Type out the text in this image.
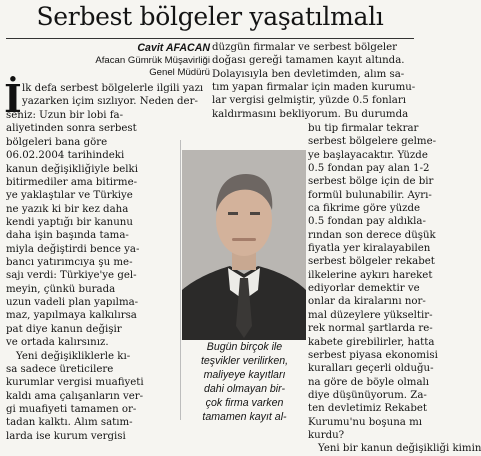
Serbest bölgeler yaşatılmalı
Cavit AFACAN
Afacan Gümrük Müşavirliği
Genel Müdürü
İ lk defa serbest bölgelerle ilgili yazı
yazarken içim sızlıyor. Neden der-
seniz: Uzun bir lobi fa-
aliyetinden sonra serbest
bölgeleri bana göre
06.02.2004 tarihindeki
kanun değişikliğiyle belki
bitirmediler ama bitirme-
ye yaklaştılar ve Türkiye
ne yazık ki bir kez daha
kendi yaptığı bir kanunu
daha işin başında tama-
miyla değiştirdi bence ya-
bancı yatırımcıya şu me-
sajı verdi: Türkiye'ye gel-
meyin, çünkü burada
uzun vadeli plan yapılma-
maz, yapılmaya kalkılırsa
pat diye kanun değişir
ve ortada kalırsınız.
Yeni değişikliklerle kı-
sa sadece üreticilere
kurumlar vergisi muafiyeti
kaldı ama çalışanların ver-
gi muafiyeti tamamen or-
tadan kalktı. Alım satım-
larda ise kurum vergisi
Bugün birçok ile
teşvikler verilirken,
maliyeye kayıtları
dahi olmayan bir-
çok firma varken
tamamen kayıt al-
düzgün firmalar ve serbest bölgeler
doğası gereği tamamen kayıt altında.
Dolayısıyla ben devletimden, alım sa-
tım yapan firmalar için maden kurumu-
lar vergisi gelmiştir, yüzde 0.5 fonları
kaldırmasını bekliyorum. Bu durumda
bu tip firmalar tekrar
serbest bölgelere gelme-
ye başlayacaktır. Yüzde
0.5 fondan pay alan 1-2
serbest bölge için de bir
formül bulunabilir. Ayrı-
ca fikrime göre yüzde
0.5 fondan pay aldıkla-
rından son derece düşük
fiyatla yer kiralayabilen
serbest bölgeler rekabet
ilkelerine aykırı hareket
ediyorlar demektir ve
onlar da kiralarını nor-
mal düzeylere yükseltir-
rek normal şartlarda re-
kabete girebilirler, hatta
serbest piyasa ekonomisi
kuralları geçerli olduğu-
na göre de böyle olmalı
diye düşünüyorum. Za-
ten devletimiz Rekabet
Kurumu'nu boşuna mı
kurdu?
Yeni bir kanun değişikliği kimin
